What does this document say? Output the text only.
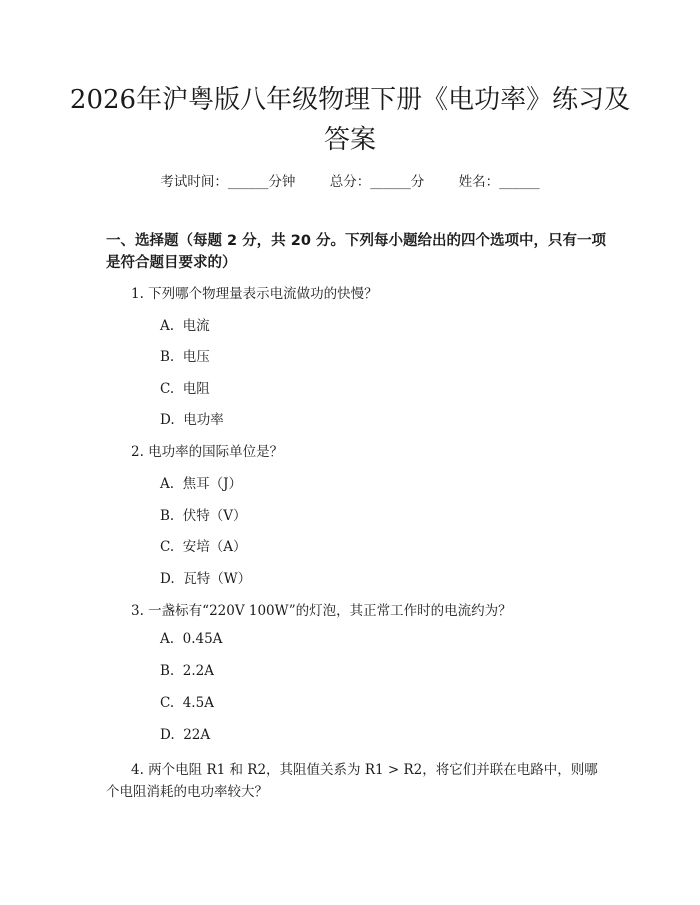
2026年沪粤版八年级物理下册《电功率》练习及答案
考试时间：______分钟	总分：______分	姓名：______
一、选择题（每题 2 分，共 20 分。下列每小题给出的四个选项中，只有一项是符合题目要求的）
1. 下列哪个物理量表示电流做功的快慢？
A.  电流
B.  电压
C.  电阻
D.  电功率
2. 电功率的国际单位是？
A.  焦耳（J）
B.  伏特（V）
C.  安培（A）
D.  瓦特（W）
3. 一盏标有“220V 100W”的灯泡，其正常工作时的电流约为？
A.  0.45A
B.  2.2A
C.  4.5A
D.  22A
4. 两个电阻 R1 和 R2，其阻值关系为 R1 > R2，将它们并联在电路中，则哪个电阻消耗的电功率较大？
